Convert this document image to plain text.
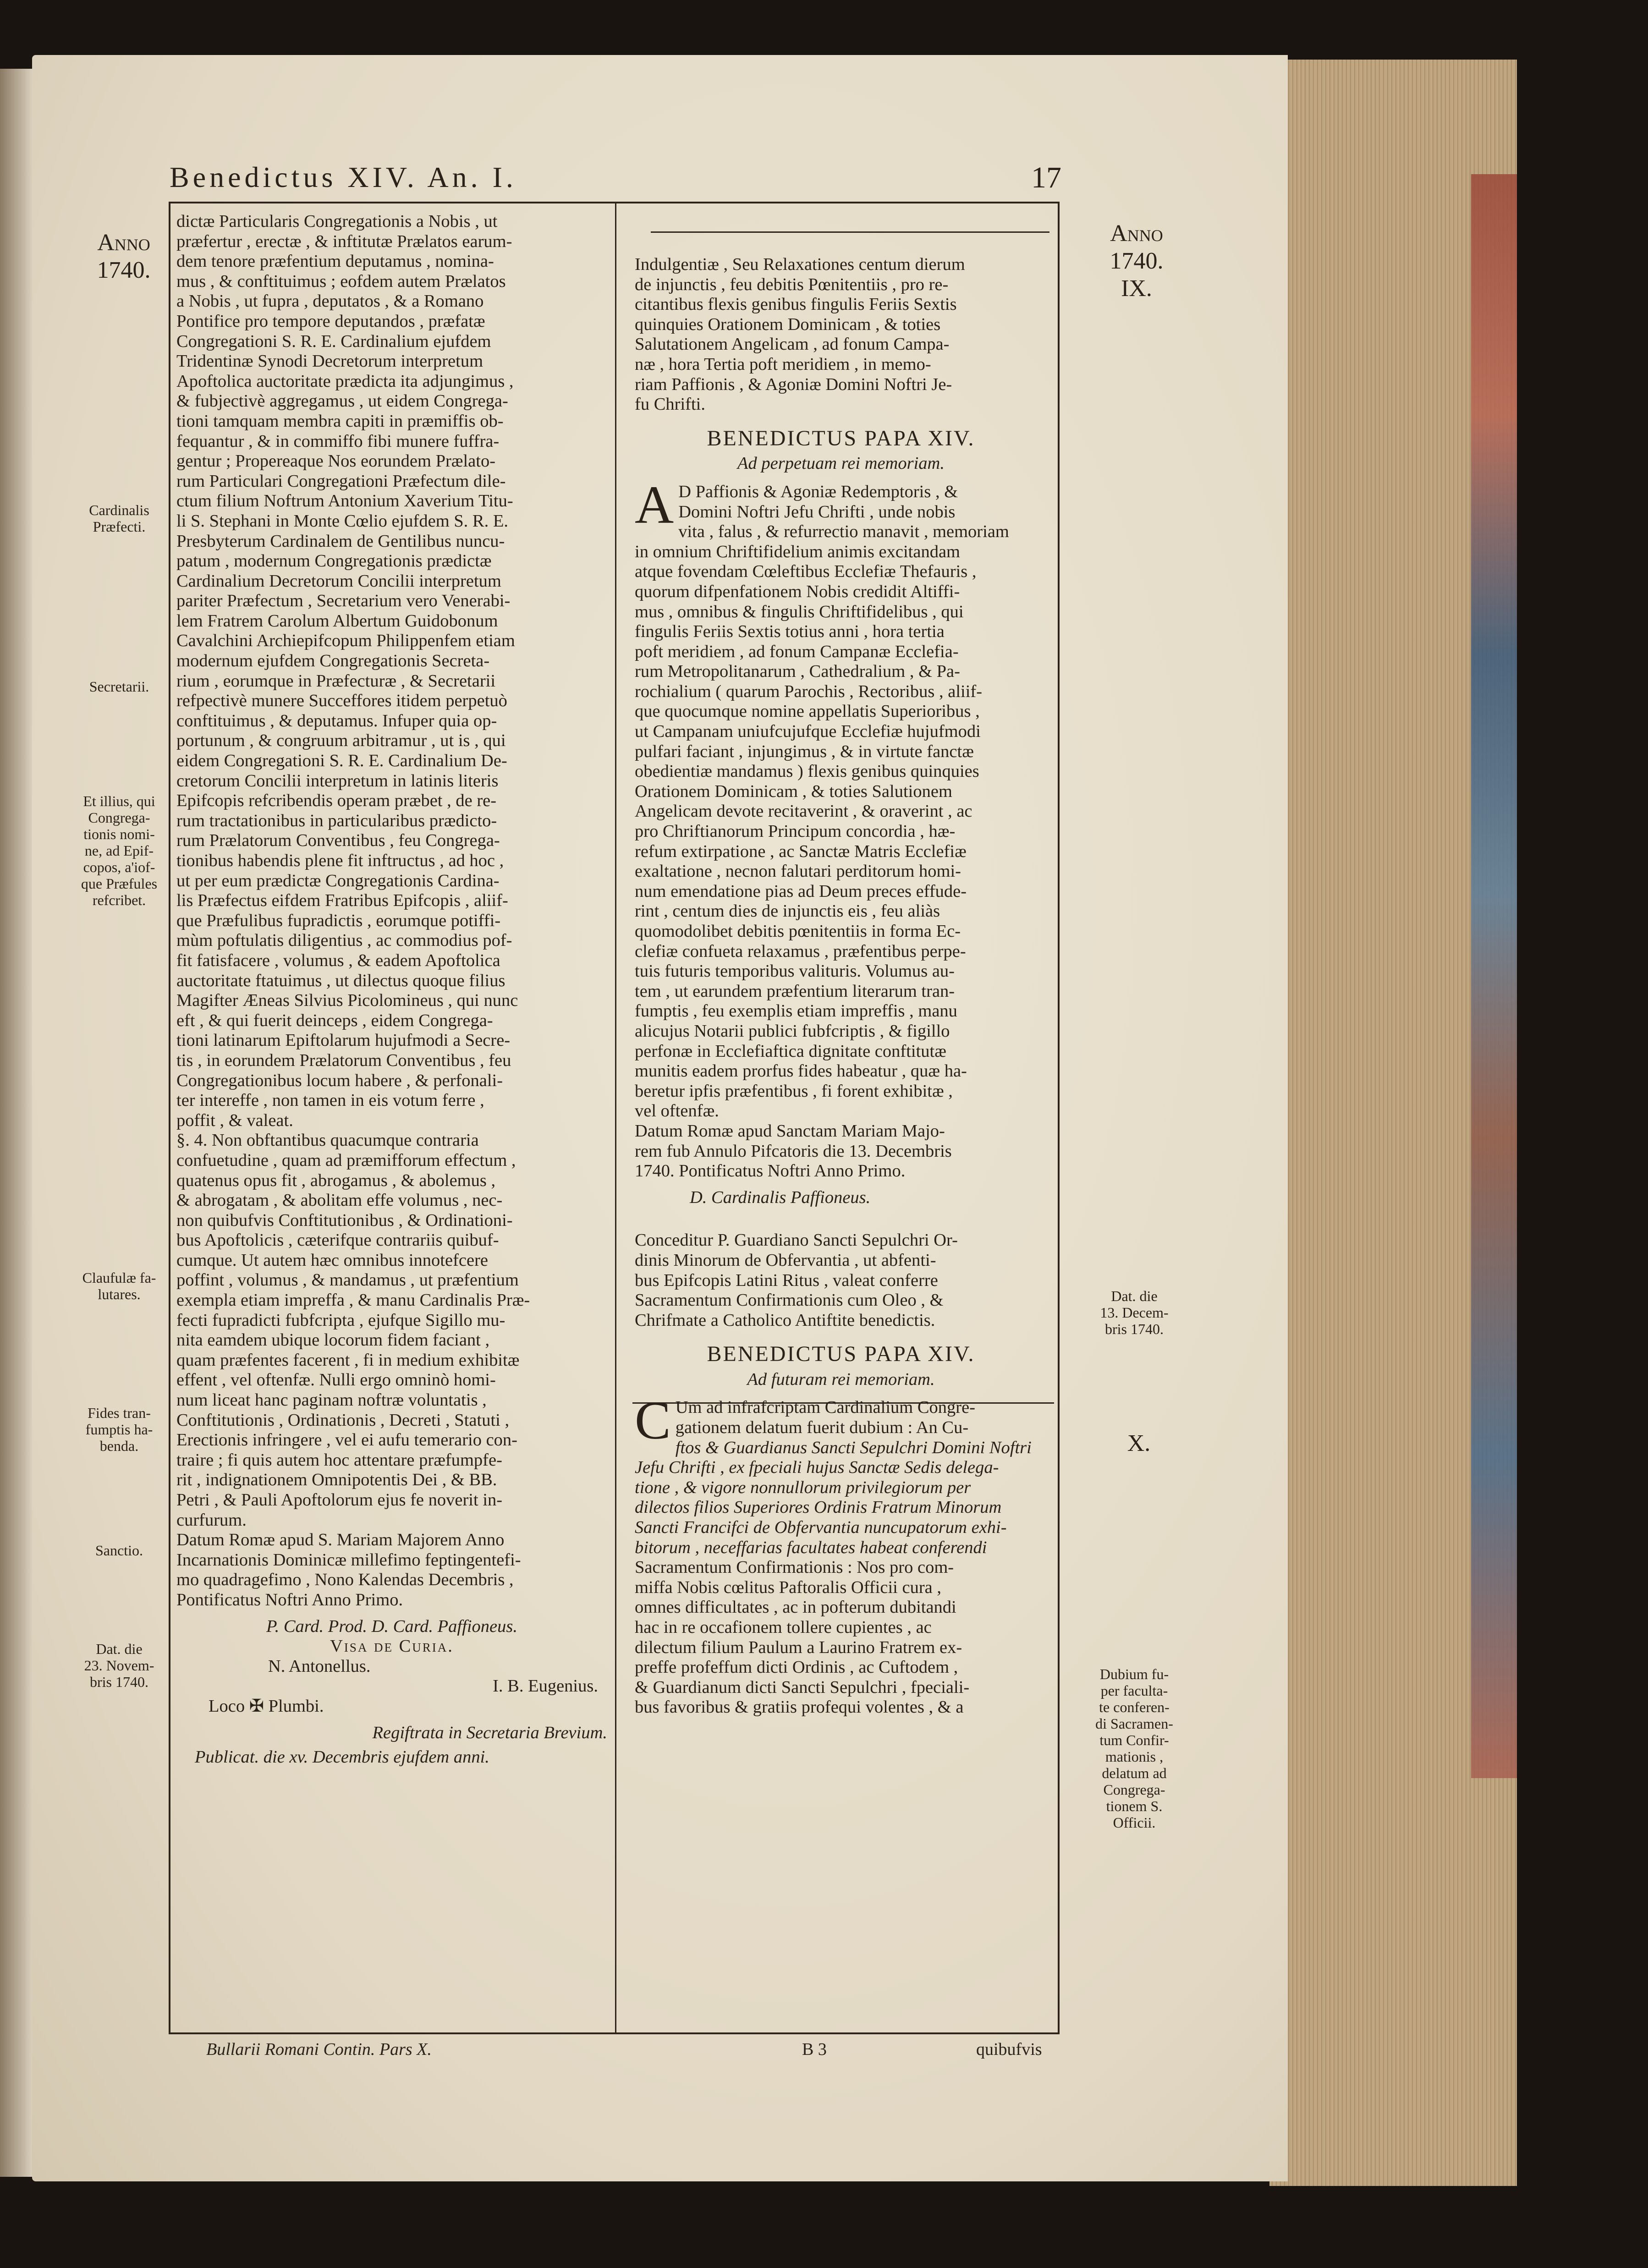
Benedictus XIV. An. I.	17
Anno
1740.
Cardinalis
Præfecti.
Secretarii.
Et illius, qui
Congrega-
tionis nomi-
ne, ad Epif-
copos, a'iof-
que Præfules
refcribet.
Claufulæ fa-
lutares.
Fides tran-
fumptis ha-
benda.
Sanctio.
Dat. die
23. Novem-
bris 1740.
Anno
1740.
IX.
Dat. die
13. Decem-
bris 1740.
X.
Dubium fu-
per faculta-
te conferen-
di Sacramen-
tum Confir-
mationis ,
delatum ad
Congrega-
tionem S.
Officii.
dictæ Particularis Congregationis a Nobis , ut
præfertur , erectæ , & inftitutæ Prælatos earum-
dem tenore præfentium deputamus , nomina-
mus , & conftituimus ; eofdem autem Prælatos
a Nobis , ut fupra , deputatos , & a Romano
Pontifice pro tempore deputandos , præfatæ
Congregationi S. R. E. Cardinalium ejufdem
Tridentinæ Synodi Decretorum interpretum
Apoftolica auctoritate prædicta ita adjungimus ,
& fubjectivè aggregamus , ut eidem Congrega-
tioni tamquam membra capiti in præmiffis ob-
fequantur , & in commiffo fibi munere fuffra-
gentur ; Propereaque Nos eorundem Prælato-
rum Particulari Congregationi Præfectum dile-
ctum filium Noftrum Antonium Xaverium Titu-
li S. Stephani in Monte Cœlio ejufdem S. R. E.
Presbyterum Cardinalem de Gentilibus nuncu-
patum , modernum Congregationis prædictæ
Cardinalium Decretorum Concilii interpretum
pariter Præfectum , Secretarium vero Venerabi-
lem Fratrem Carolum Albertum Guidobonum
Cavalchini Archiepifcopum Philippenfem etiam
modernum ejufdem Congregationis Secreta-
rium , eorumque in Præfecturæ , & Secretarii
refpectivè munere Succeffores itidem perpetuò
conftituimus , & deputamus. Infuper quia op-
portunum , & congruum arbitramur , ut is , qui
eidem Congregationi S. R. E. Cardinalium De-
cretorum Concilii interpretum in latinis literis
Epifcopis refcribendis operam præbet , de re-
rum tractationibus in particularibus prædicto-
rum Prælatorum Conventibus , feu Congrega-
tionibus habendis plene fit inftructus , ad hoc ,
ut per eum prædictæ Congregationis Cardina-
lis Præfectus eifdem Fratribus Epifcopis , aliif-
que Præfulibus fupradictis , eorumque potiffi-
mùm poftulatis diligentius , ac commodius pof-
fit fatisfacere , volumus , & eadem Apoftolica
auctoritate ftatuimus , ut dilectus quoque filius
Magifter Æneas Silvius Picolomineus , qui nunc
eft , & qui fuerit deinceps , eidem Congrega-
tioni latinarum Epiftolarum hujufmodi a Secre-
tis , in eorundem Prælatorum Conventibus , feu
Congregationibus locum habere , & perfonali-
ter intereffe , non tamen in eis votum ferre ,
poffit , & valeat.
§. 4. Non obftantibus quacumque contraria
confuetudine , quam ad præmifforum effectum ,
quatenus opus fit , abrogamus , & abolemus ,
& abrogatam , & abolitam effe volumus , nec-
non quibufvis Conftitutionibus , & Ordinationi-
bus Apoftolicis , cæterifque contrariis quibuf-
cumque. Ut autem hæc omnibus innotefcere
poffint , volumus , & mandamus , ut præfentium
exempla etiam impreffa , & manu Cardinalis Præ-
fecti fupradicti fubfcripta , ejufque Sigillo mu-
nita eamdem ubique locorum fidem faciant ,
quam præfentes facerent , fi in medium exhibitæ
effent , vel oftenfæ. Nulli ergo omninò homi-
num liceat hanc paginam noftræ voluntatis ,
Conftitutionis , Ordinationis , Decreti , Statuti ,
Erectionis infringere , vel ei aufu temerario con-
traire ; fi quis autem hoc attentare præfumpfe-
rit , indignationem Omnipotentis Dei , & BB.
Petri , & Pauli Apoftolorum ejus fe noverit in-
curfurum.
Datum Romæ apud S. Mariam Majorem Anno
Incarnationis Dominicæ millefimo feptingentefi-
mo quadragefimo , Nono Kalendas Decembris ,
Pontificatus Noftri Anno Primo.
P. Card. Prod. D. Card. Paffioneus.
Visa de Curia.
N. Antonellus.
I. B. Eugenius.
Loco ✠ Plumbi.
Regiftrata in Secretaria Brevium.
Publicat. die xv. Decembris ejufdem anni.
Indulgentiæ , Seu Relaxationes centum dierum
de injunctis , feu debitis Pœnitentiis , pro re-
citantibus flexis genibus fingulis Feriis Sextis
quinquies Orationem Dominicam , & toties
Salutationem Angelicam , ad fonum Campa-
næ , hora Tertia poft meridiem , in memo-
riam Paffionis , & Agoniæ Domini Noftri Je-
fu Chrifti.
BENEDICTUS PAPA XIV.
Ad perpetuam rei memoriam.
A D Paffionis & Agoniæ Redemptoris , &
Domini Noftri Jefu Chrifti , unde nobis
vita , falus , & refurrectio manavit , memoriam
in omnium Chriftifidelium animis excitandam
atque fovendam Cœleftibus Ecclefiæ Thefauris ,
quorum difpenfationem Nobis credidit Altiffi-
mus , omnibus & fingulis Chriftifidelibus , qui
fingulis Feriis Sextis totius anni , hora tertia
poft meridiem , ad fonum Campanæ Ecclefia-
rum Metropolitanarum , Cathedralium , & Pa-
rochialium ( quarum Parochis , Rectoribus , aliif-
que quocumque nomine appellatis Superioribus ,
ut Campanam uniufcujufque Ecclefiæ hujufmodi
pulfari faciant , injungimus , & in virtute fanctæ
obedientiæ mandamus ) flexis genibus quinquies
Orationem Dominicam , & toties Salutionem
Angelicam devote recitaverint , & oraverint , ac
pro Chriftianorum Principum concordia , hæ-
refum extirpatione , ac Sanctæ Matris Ecclefiæ
exaltatione , necnon falutari perditorum homi-
num emendatione pias ad Deum preces effude-
rint , centum dies de injunctis eis , feu aliàs
quomodolibet debitis pœnitentiis in forma Ec-
clefiæ confueta relaxamus , præfentibus perpe-
tuis futuris temporibus valituris. Volumus au-
tem , ut earundem præfentium literarum tran-
fumptis , feu exemplis etiam impreffis , manu
alicujus Notarii publici fubfcriptis , & figillo
perfonæ in Ecclefiaftica dignitate conftitutæ
munitis eadem prorfus fides habeatur , quæ ha-
beretur ipfis præfentibus , fi forent exhibitæ ,
vel oftenfæ.
Datum Romæ apud Sanctam Mariam Majo-
rem fub Annulo Pifcatoris die 13. Decembris
1740. Pontificatus Noftri Anno Primo.
D. Cardinalis Paffioneus.
Conceditur P. Guardiano Sancti Sepulchri Or-
dinis Minorum de Obfervantia , ut abfenti-
bus Epifcopis Latini Ritus , valeat conferre
Sacramentum Confirmationis cum Oleo , &
Chrifmate a Catholico Antiftite benedictis.
BENEDICTUS PAPA XIV.
Ad futuram rei memoriam.
C Um ad infrafcriptam Cardinalium Congre-
gationem delatum fuerit dubium : An Cu-
ftos & Guardianus Sancti Sepulchri Domini Noftri
Jefu Chrifti , ex fpeciali hujus Sanctæ Sedis delega-
tione , & vigore nonnullorum privilegiorum per
dilectos filios Superiores Ordinis Fratrum Minorum
Sancti Francifci de Obfervantia nuncupatorum exhi-
bitorum , neceffarias facultates habeat conferendi
Sacramentum Confirmationis : Nos pro com-
miffa Nobis cœlitus Paftoralis Officii cura ,
omnes difficultates , ac in pofterum dubitandi
hac in re occafionem tollere cupientes , ac
dilectum filium Paulum a Laurino Fratrem ex-
preffe profeffum dicti Ordinis , ac Cuftodem ,
& Guardianum dicti Sancti Sepulchri , fpeciali-
bus favoribus & gratiis profequi volentes , & a
Bullarii Romani Contin. Pars X.	B 3	quibufvis
